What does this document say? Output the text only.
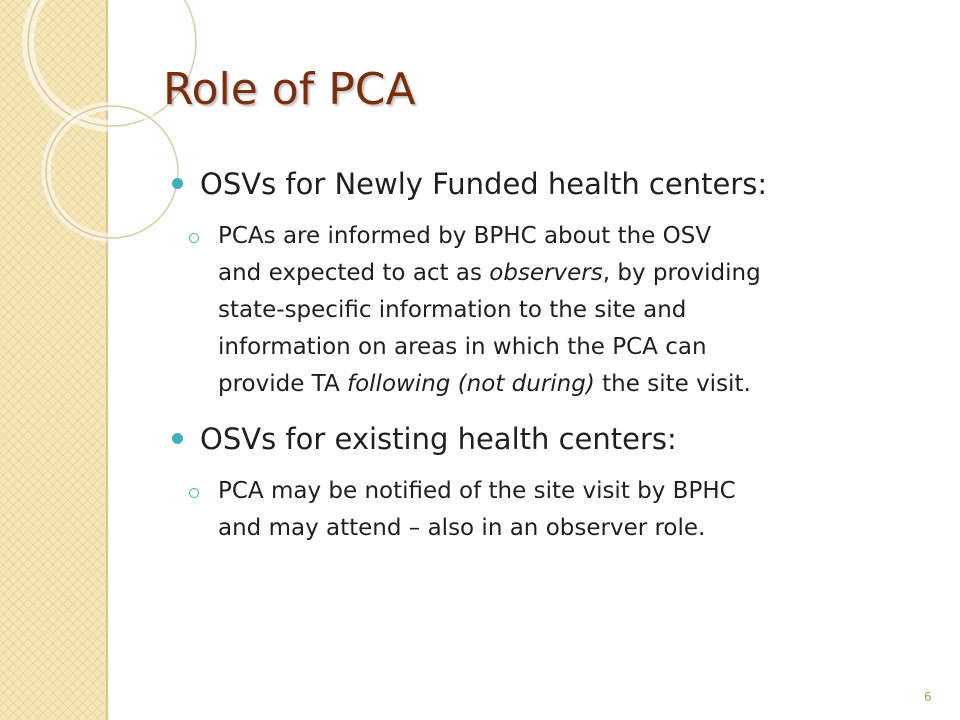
Role of PCA
OSVs for Newly Funded health centers:
PCAs are informed by BPHC about the OSV
and expected to act as observers, by providing
state-specific information to the site and
information on areas in which the PCA can
provide TA following (not during) the site visit.
OSVs for existing health centers:
PCA may be notified of the site visit by BPHC
and may attend – also in an observer role.
6
